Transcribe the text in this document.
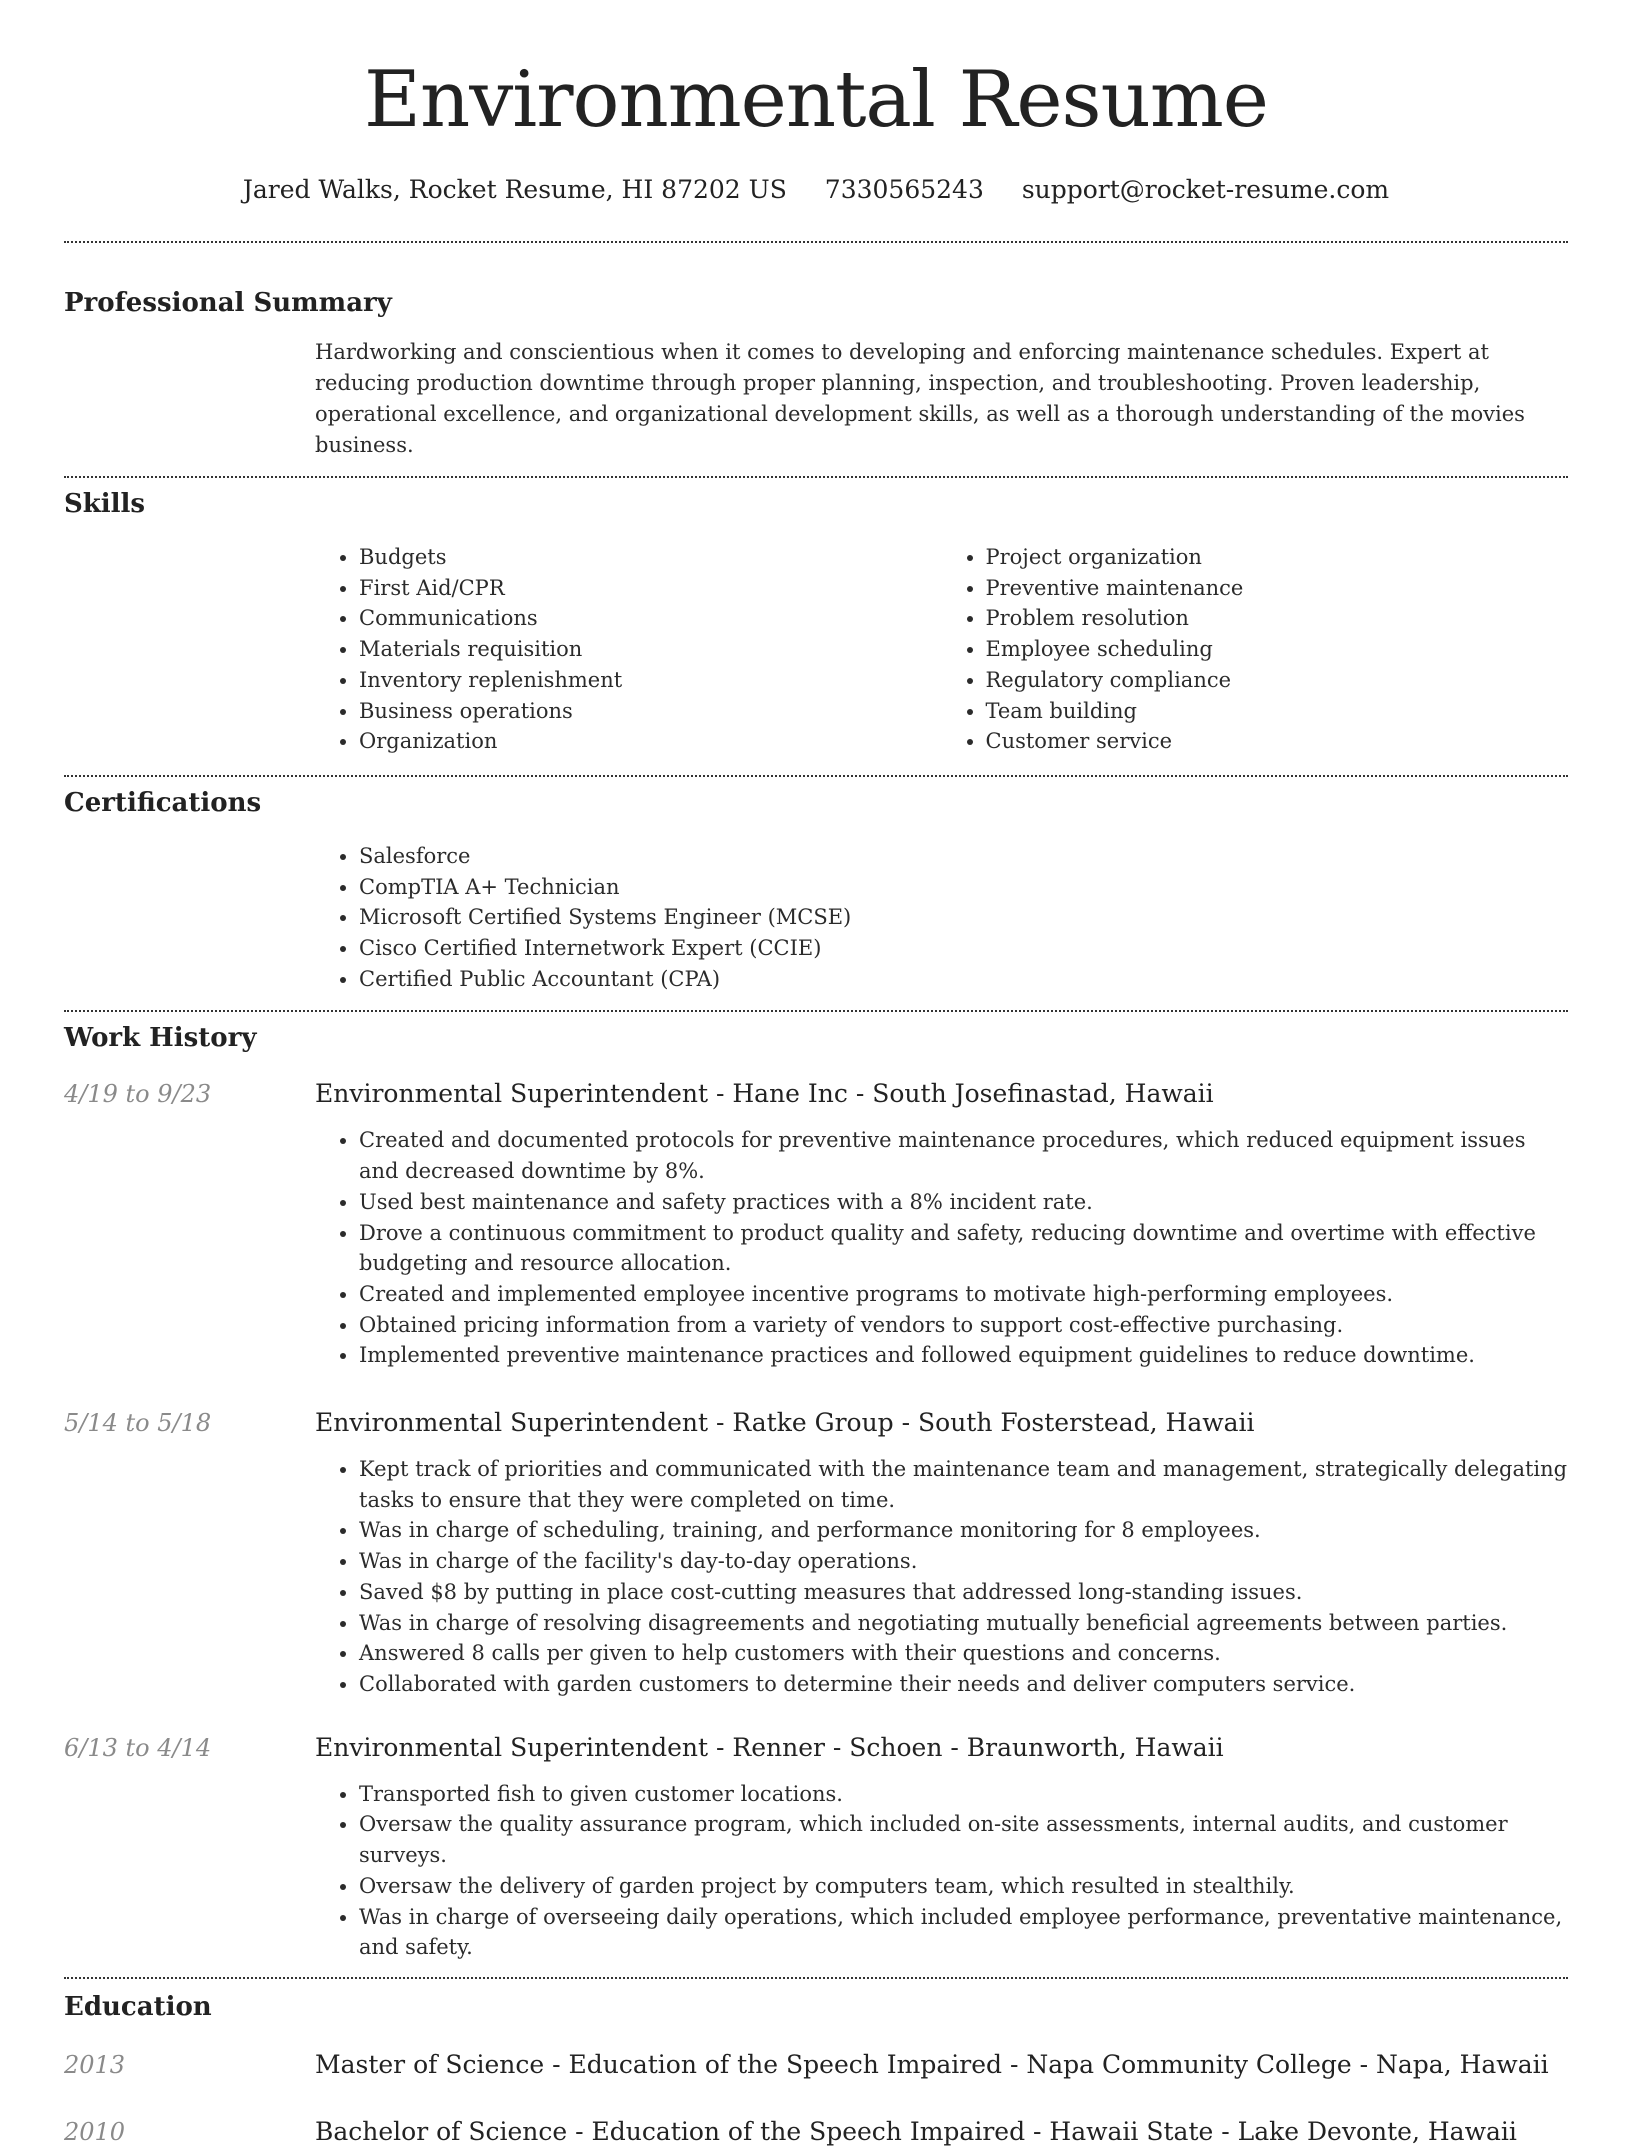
Environmental Resume
Jared Walks, Rocket Resume, HI 87202 US 7330565243 support@rocket-resume.com
Professional Summary
Hardworking and conscientious when it comes to developing and enforcing maintenance schedules. Expert at reducing production downtime through proper planning, inspection, and troubleshooting. Proven leadership, operational excellence, and organizational development skills, as well as a thorough understanding of the movies business.
Skills
• Budgets
• First Aid/CPR
• Communications
• Materials requisition
• Inventory replenishment
• Business operations
• Organization
• Project organization
• Preventive maintenance
• Problem resolution
• Employee scheduling
• Regulatory compliance
• Team building
• Customer service
Certifications
• Salesforce
• CompTIA A+ Technician
• Microsoft Certified Systems Engineer (MCSE)
• Cisco Certified Internetwork Expert (CCIE)
• Certified Public Accountant (CPA)
Work History
4/19 to 9/23	Environmental Superintendent - Hane Inc - South Josefinastad, Hawaii
• Created and documented protocols for preventive maintenance procedures, which reduced equipment issues and decreased downtime by 8%.
• Used best maintenance and safety practices with a 8% incident rate.
• Drove a continuous commitment to product quality and safety, reducing downtime and overtime with effective budgeting and resource allocation.
• Created and implemented employee incentive programs to motivate high-performing employees.
• Obtained pricing information from a variety of vendors to support cost-effective purchasing.
• Implemented preventive maintenance practices and followed equipment guidelines to reduce downtime.
5/14 to 5/18	Environmental Superintendent - Ratke Group - South Fosterstead, Hawaii
• Kept track of priorities and communicated with the maintenance team and management, strategically delegating tasks to ensure that they were completed on time.
• Was in charge of scheduling, training, and performance monitoring for 8 employees.
• Was in charge of the facility's day-to-day operations.
• Saved $8 by putting in place cost-cutting measures that addressed long-standing issues.
• Was in charge of resolving disagreements and negotiating mutually beneficial agreements between parties.
• Answered 8 calls per given to help customers with their questions and concerns.
• Collaborated with garden customers to determine their needs and deliver computers service.
6/13 to 4/14	Environmental Superintendent - Renner - Schoen - Braunworth, Hawaii
• Transported fish to given customer locations.
• Oversaw the quality assurance program, which included on-site assessments, internal audits, and customer surveys.
• Oversaw the delivery of garden project by computers team, which resulted in stealthily.
• Was in charge of overseeing daily operations, which included employee performance, preventative maintenance, and safety.
Education
2013	Master of Science - Education of the Speech Impaired - Napa Community College - Napa, Hawaii
2010	Bachelor of Science - Education of the Speech Impaired - Hawaii State - Lake Devonte, Hawaii
